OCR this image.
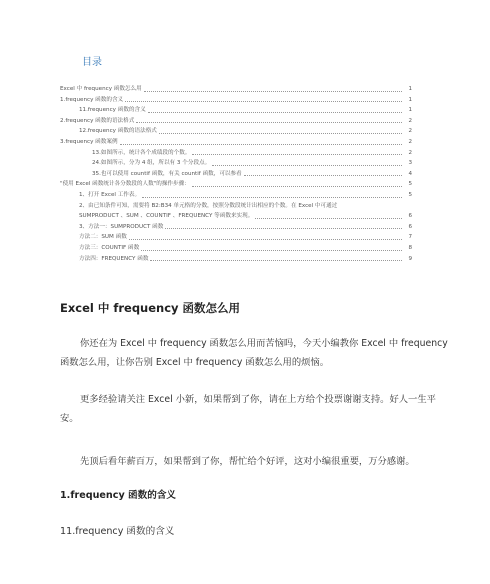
目录
Excel 中 frequency 函数怎么用	1
1.frequency 函数的含义	1
11.frequency 函数的含义	1
2.frequency 函数的语法格式	2
12.frequency 函数的语法格式	2
3.frequency 函数案例	2
13.如图所示，统计各个成绩段的个数。	2
24.如图所示，分为 4 组，所以有 3 个分段点。	3
35.也可以使用 countif 函数，有关 countif 函数，可以参看	4
"使用 Excel 函数统计各分数段的人数"的操作步骤：	5
1、打开 Excel 工作表。	5
2、由已知条件可知，需要将 B2:B34 单元格的分数，按照分数段统计出相应的个数。在 Excel 中可通过
SUMPRODUCT 、SUM 、COUNTIF 、FREQUENCY 等函数来实现。	6
3、方法一：SUMPRODUCT 函数	6
方法二：SUM 函数	7
方法三：COUNTIF 函数	8
方法四：FREQUENCY 函数	9
Excel 中 frequency 函数怎么用
你还在为 Excel 中 frequency 函数怎么用而苦恼吗，今天小编教你 Excel 中 frequency 函数怎么用，让你告别 Excel 中 frequency 函数怎么用的烦恼。
更多经验请关注 Excel 小新，如果帮到了你，请在上方给个投票谢谢支持。好人一生平安。
先顶后看年薪百万，如果帮到了你，帮忙给个好评，这对小编很重要，万分感谢。
1.frequency 函数的含义
11.frequency 函数的含义
